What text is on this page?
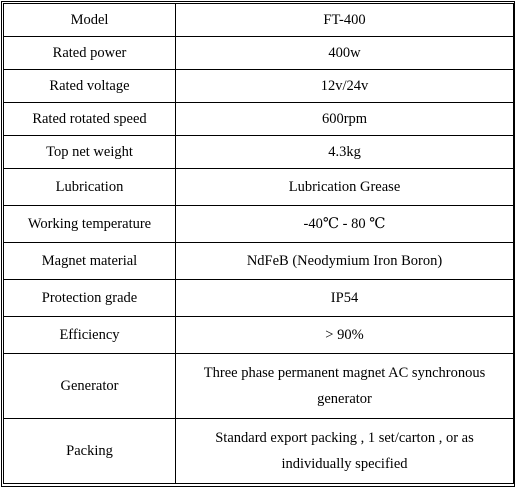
Model	FT-400
Rated power	400w
Rated voltage	12v/24v
Rated rotated speed	600rpm
Top net weight	4.3kg
Lubrication	Lubrication Grease
Working temperature	-40℃ - 80 ℃
Magnet material	NdFeB (Neodymium Iron Boron)
Protection grade	IP54
Efficiency	> 90%
Generator	Three phase permanent magnet AC synchronous generator
Packing	Standard export packing , 1 set/carton , or as individually specified
